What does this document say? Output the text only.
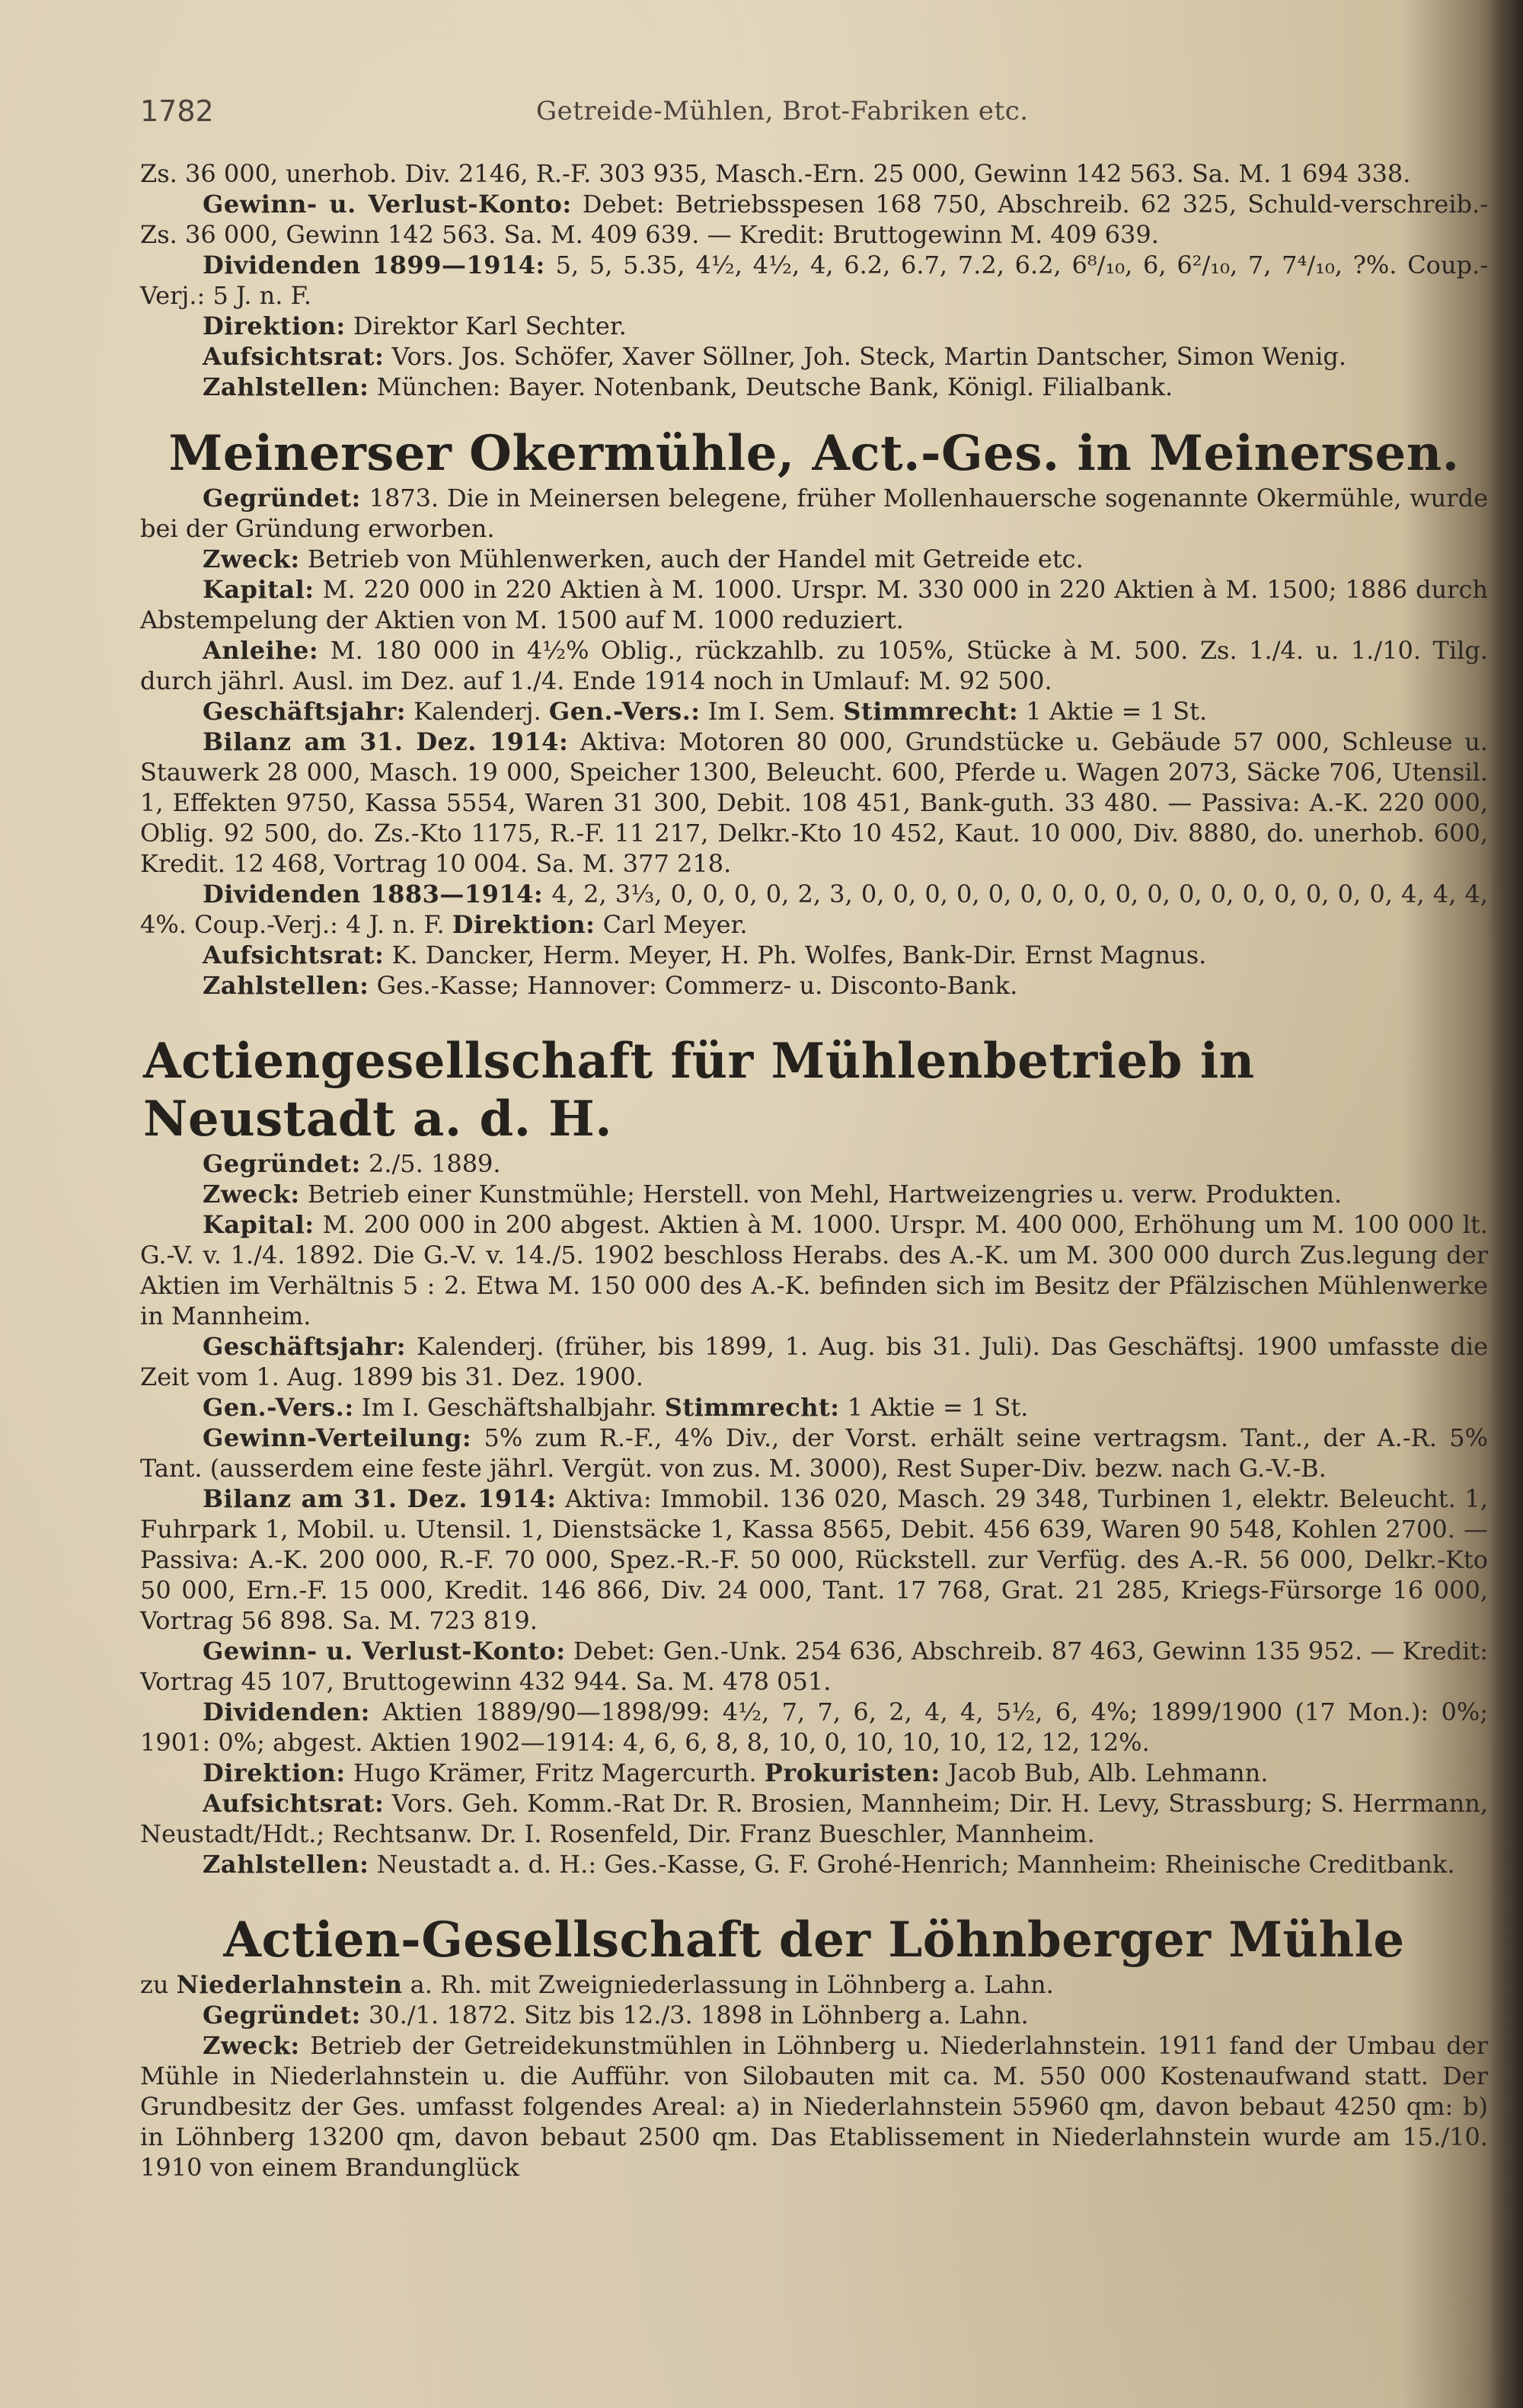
1782	Getreide-Mühlen, Brot-Fabriken etc.

Zs. 36 000, unerhob. Div. 2146, R.-F. 303 935, Masch.-Ern. 25 000, Gewinn 142 563. Sa. M. 1 694 338.

Gewinn- u. Verlust-Konto: Debet: Betriebsspesen 168 750, Abschreib. 62 325, Schuld-verschreib.-Zs. 36 000, Gewinn 142 563. Sa. M. 409 639. — Kredit: Bruttogewinn M. 409 639.

Dividenden 1899—1914: 5, 5, 5.35, 4½, 4½, 4, 6.2, 6.7, 7.2, 6.2, 6⁸/₁₀, 6, 6²/₁₀, 7, 7⁴/₁₀, ?%. Coup.-Verj.: 5 J. n. F.

Direktion: Direktor Karl Sechter.

Aufsichtsrat: Vors. Jos. Schöfer, Xaver Söllner, Joh. Steck, Martin Dantscher, Simon Wenig.

Zahlstellen: München: Bayer. Notenbank, Deutsche Bank, Königl. Filialbank.

Meinerser Okermühle, Act.-Ges. in Meinersen.

Gegründet: 1873. Die in Meinersen belegene, früher Mollenhauersche sogenannte Okermühle, wurde bei der Gründung erworben.

Zweck: Betrieb von Mühlenwerken, auch der Handel mit Getreide etc.

Kapital: M. 220 000 in 220 Aktien à M. 1000. Urspr. M. 330 000 in 220 Aktien à M. 1500; 1886 durch Abstempelung der Aktien von M. 1500 auf M. 1000 reduziert.

Anleihe: M. 180 000 in 4½% Oblig., rückzahlb. zu 105%, Stücke à M. 500. Zs. 1./4. u. 1./10. Tilg. durch jährl. Ausl. im Dez. auf 1./4. Ende 1914 noch in Umlauf: M. 92 500.

Geschäftsjahr: Kalenderj. Gen.-Vers.: Im I. Sem. Stimmrecht: 1 Aktie = 1 St.

Bilanz am 31. Dez. 1914: Aktiva: Motoren 80 000, Grundstücke u. Gebäude 57 000, Schleuse u. Stauwerk 28 000, Masch. 19 000, Speicher 1300, Beleucht. 600, Pferde u. Wagen 2073, Säcke 706, Utensil. 1, Effekten 9750, Kassa 5554, Waren 31 300, Debit. 108 451, Bank-guth. 33 480. — Passiva: A.-K. 220 000, Oblig. 92 500, do. Zs.-Kto 1175, R.-F. 11 217, Delkr.-Kto 10 452, Kaut. 10 000, Div. 8880, do. unerhob. 600, Kredit. 12 468, Vortrag 10 004. Sa. M. 377 218.

Dividenden 1883—1914: 4, 2, 3⅓, 0, 0, 0, 0, 2, 3, 0, 0, 0, 0, 0, 0, 0, 0, 0, 0, 0, 0, 0, 0, 0, 0, 0, 4, 4, 4, 4%. Coup.-Verj.: 4 J. n. F. Direktion: Carl Meyer.

Aufsichtsrat: K. Dancker, Herm. Meyer, H. Ph. Wolfes, Bank-Dir. Ernst Magnus.

Zahlstellen: Ges.-Kasse; Hannover: Commerz- u. Disconto-Bank.

Actiengesellschaft für Mühlenbetrieb in Neustadt a. d. H.

Gegründet: 2./5. 1889.

Zweck: Betrieb einer Kunstmühle; Herstell. von Mehl, Hartweizengries u. verw. Produkten.

Kapital: M. 200 000 in 200 abgest. Aktien à M. 1000. Urspr. M. 400 000, Erhöhung um M. 100 000 lt. G.-V. v. 1./4. 1892. Die G.-V. v. 14./5. 1902 beschloss Herabs. des A.-K. um M. 300 000 durch Zus.legung der Aktien im Verhältnis 5 : 2. Etwa M. 150 000 des A.-K. befinden sich im Besitz der Pfälzischen Mühlenwerke in Mannheim.

Geschäftsjahr: Kalenderj. (früher, bis 1899, 1. Aug. bis 31. Juli). Das Geschäftsj. 1900 umfasste die Zeit vom 1. Aug. 1899 bis 31. Dez. 1900.

Gen.-Vers.: Im I. Geschäftshalbjahr. Stimmrecht: 1 Aktie = 1 St.

Gewinn-Verteilung: 5% zum R.-F., 4% Div., der Vorst. erhält seine vertragsm. Tant., der A.-R. 5% Tant. (ausserdem eine feste jährl. Vergüt. von zus. M. 3000), Rest Super-Div. bezw. nach G.-V.-B.

Bilanz am 31. Dez. 1914: Aktiva: Immobil. 136 020, Masch. 29 348, Turbinen 1, elektr. Beleucht. 1, Fuhrpark 1, Mobil. u. Utensil. 1, Dienstsäcke 1, Kassa 8565, Debit. 456 639, Waren 90 548, Kohlen 2700. — Passiva: A.-K. 200 000, R.-F. 70 000, Spez.-R.-F. 50 000, Rückstell. zur Verfüg. des A.-R. 56 000, Delkr.-Kto 50 000, Ern.-F. 15 000, Kredit. 146 866, Div. 24 000, Tant. 17 768, Grat. 21 285, Kriegs-Fürsorge 16 000, Vortrag 56 898. Sa. M. 723 819.

Gewinn- u. Verlust-Konto: Debet: Gen.-Unk. 254 636, Abschreib. 87 463, Gewinn 135 952. — Kredit: Vortrag 45 107, Bruttogewinn 432 944. Sa. M. 478 051.

Dividenden: Aktien 1889/90—1898/99: 4½, 7, 7, 6, 2, 4, 4, 5½, 6, 4%; 1899/1900 (17 Mon.): 0%; 1901: 0%; abgest. Aktien 1902—1914: 4, 6, 6, 8, 8, 10, 0, 10, 10, 10, 12, 12, 12%.

Direktion: Hugo Krämer, Fritz Magercurth. Prokuristen: Jacob Bub, Alb. Lehmann.

Aufsichtsrat: Vors. Geh. Komm.-Rat Dr. R. Brosien, Mannheim; Dir. H. Levy, Strassburg; S. Herrmann, Neustadt/Hdt.; Rechtsanw. Dr. I. Rosenfeld, Dir. Franz Bueschler, Mannheim.

Zahlstellen: Neustadt a. d. H.: Ges.-Kasse, G. F. Grohé-Henrich; Mannheim: Rheinische Creditbank.

Actien-Gesellschaft der Löhnberger Mühle

zu Niederlahnstein a. Rh. mit Zweigniederlassung in Löhnberg a. Lahn.

Gegründet: 30./1. 1872. Sitz bis 12./3. 1898 in Löhnberg a. Lahn.

Zweck: Betrieb der Getreidekunstmühlen in Löhnberg u. Niederlahnstein. 1911 fand der Umbau der Mühle in Niederlahnstein u. die Aufführ. von Silobauten mit ca. M. 550 000 Kostenaufwand statt. Der Grundbesitz der Ges. umfasst folgendes Areal: a) in Niederlahnstein 55960 qm, davon bebaut 4250 qm: b) in Löhnberg 13200 qm, davon bebaut 2500 qm. Das Etablissement in Niederlahnstein wurde am 15./10. 1910 von einem Brandunglück
